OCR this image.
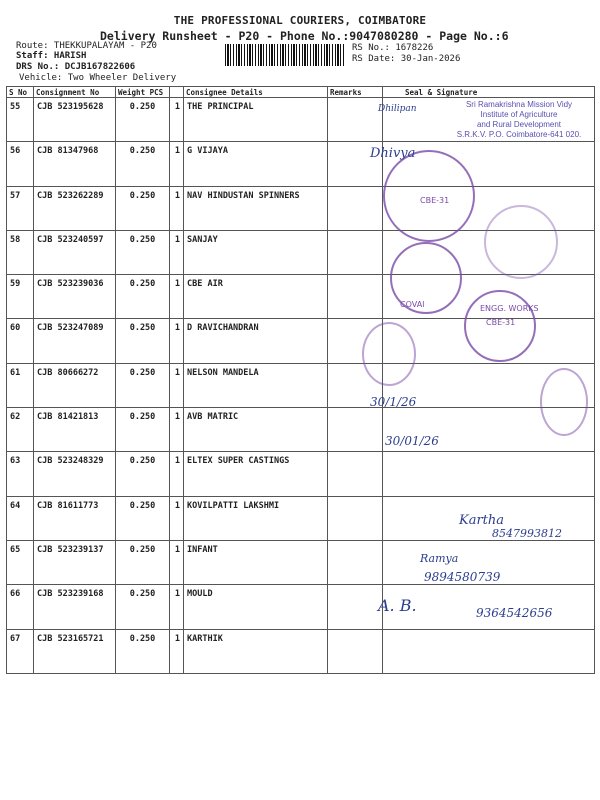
THE PROFESSIONAL COURIERS, COIMBATORE
Delivery Runsheet - P20 - Phone No.:9047080280 - Page No.:6
Route: THEKKUPALAYAM - P20
Staff: HARISH
DRS No.: DCJB167822606
Vehicle: Two Wheeler Delivery
RS No.: 1678226
RS Date: 30-Jan-2026
S No	Consignment No	Weight PCS		Consignee Details	Remarks	Seal & Signature
55	CJB 523195628	0.250	1	THE PRINCIPAL		
56	CJB 81347968	0.250	1	G VIJAYA		
57	CJB 523262289	0.250	1	NAV HINDUSTAN SPINNERS		
58	CJB 523240597	0.250	1	SANJAY		
59	CJB 523239036	0.250	1	CBE AIR		
60	CJB 523247089	0.250	1	D RAVICHANDRAN		
61	CJB 80666272	0.250	1	NELSON MANDELA		
62	CJB 81421813	0.250	1	AVB MATRIC		
63	CJB 523248329	0.250	1	ELTEX SUPER CASTINGS		
64	CJB 81611773	0.250	1	KOVILPATTI LAKSHMI		
65	CJB 523239137	0.250	1	INFANT		
66	CJB 523239168	0.250	1	MOULD		
67	CJB 523165721	0.250	1	KARTHIK		
Sri Ramakrishna Mission Vidy
Institute of Agriculture
and Rural Development
S.R.K.V. P.O. Coimbatore-641 020.
CBE-31
COVAI	ENGG. WORKS
CBE-31
Dhivya
Dhilipan
30/1/26
30/01/26
Kartha
8547993812
Ramya
9894580739
A. B.	9364542656
